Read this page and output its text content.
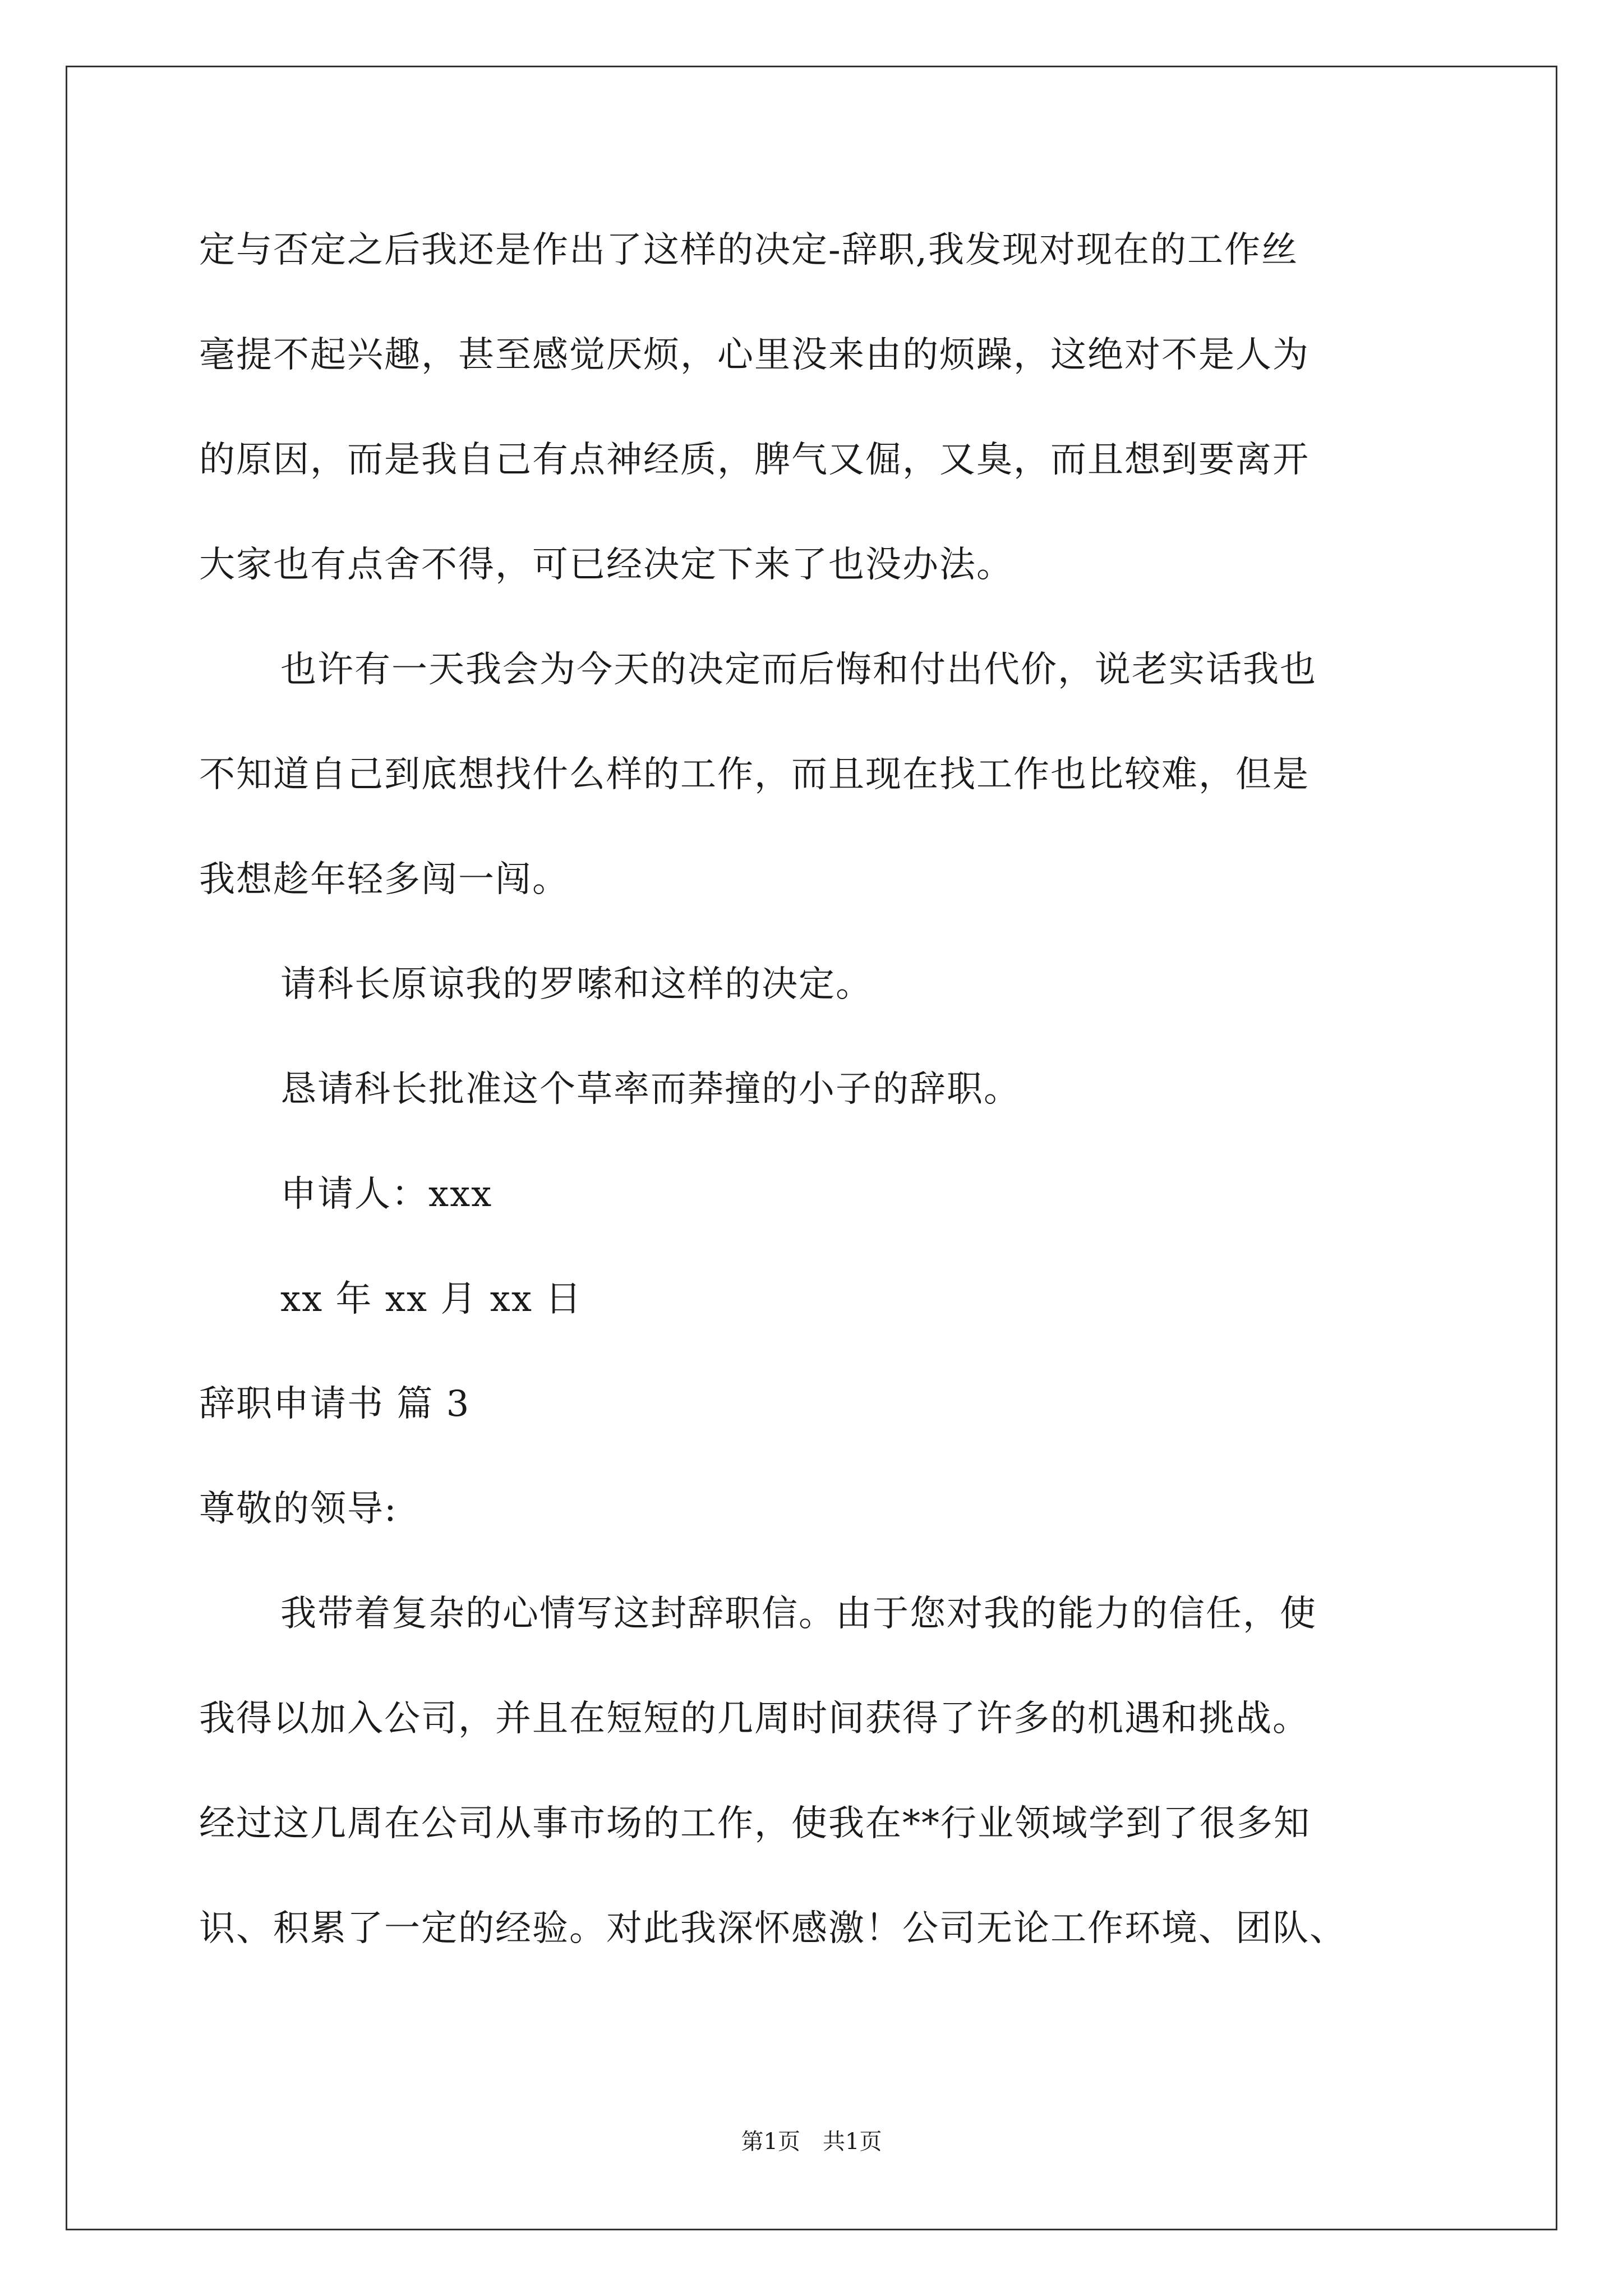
定与否定之后我还是作出了这样的决定-辞职,我发现对现在的工作丝
毫提不起兴趣，甚至感觉厌烦，心里没来由的烦躁，这绝对不是人为
的原因，而是我自己有点神经质，脾气又倔，又臭，而且想到要离开
大家也有点舍不得，可已经决定下来了也没办法。
也许有一天我会为今天的决定而后悔和付出代价，说老实话我也
不知道自己到底想找什么样的工作，而且现在找工作也比较难，但是
我想趁年轻多闯一闯。
请科长原谅我的罗嗦和这样的决定。
恳请科长批准这个草率而莽撞的小子的辞职。
申请人：xxx
xx 年 xx 月 xx 日
辞职申请书 篇 3
尊敬的领导:
我带着复杂的心情写这封辞职信。由于您对我的能力的信任，使
我得以加入公司，并且在短短的几周时间获得了许多的机遇和挑战。
经过这几周在公司从事市场的工作，使我在**行业领域学到了很多知
识、积累了一定的经验。对此我深怀感激！公司无论工作环境、团队、
第1页　共1页
